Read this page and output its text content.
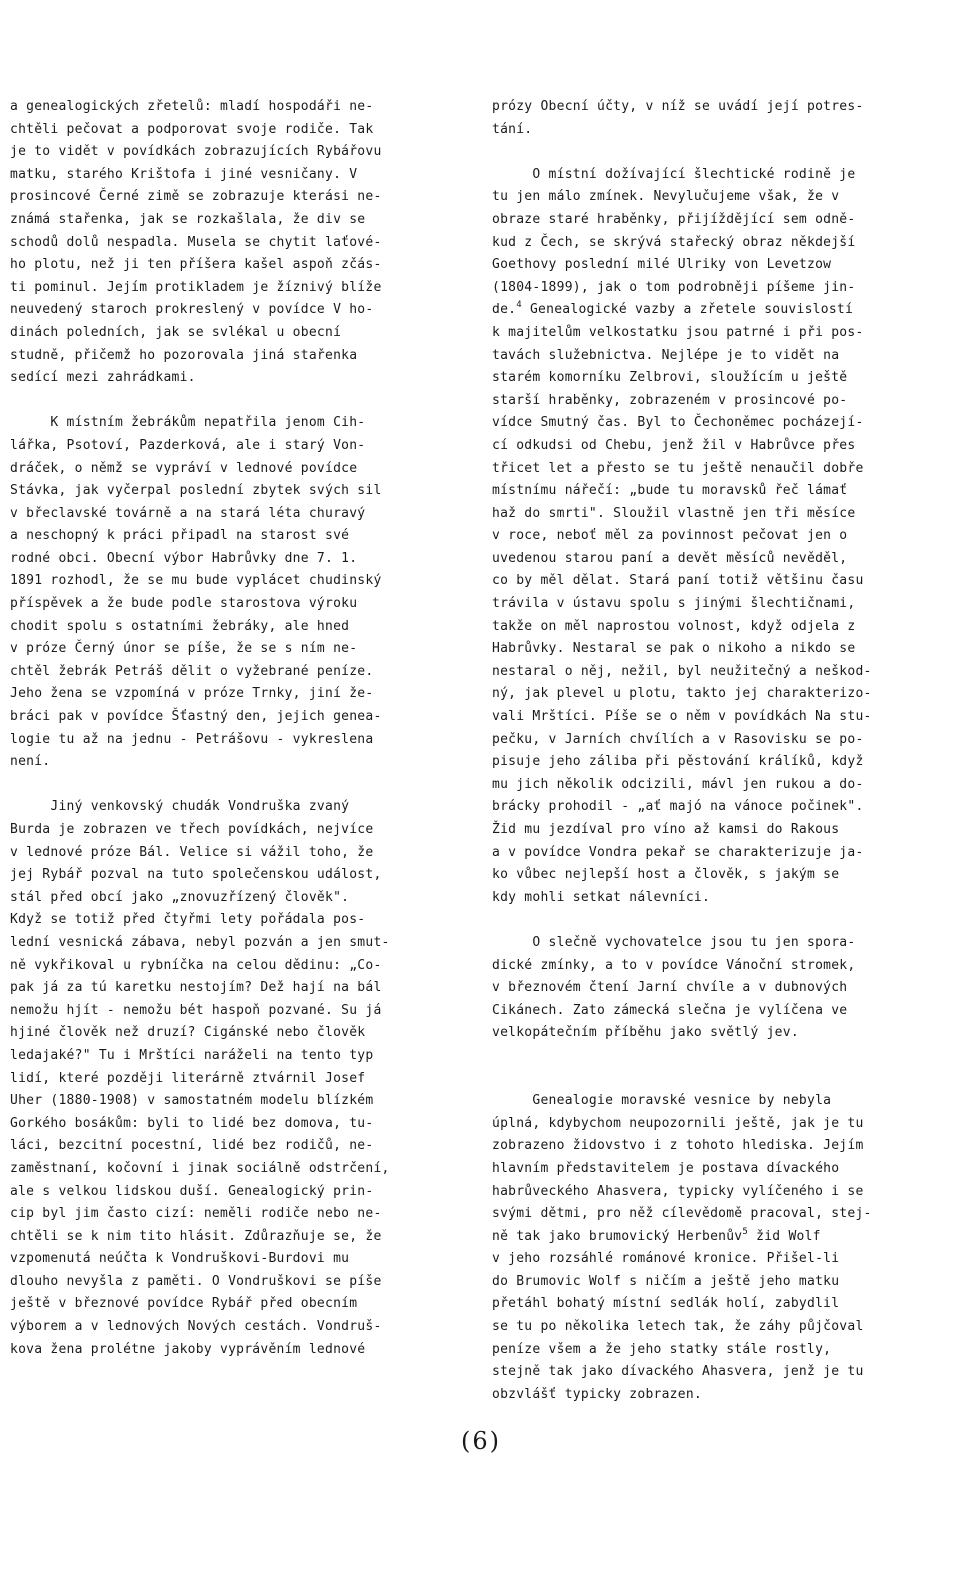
a genealogických zřetelů: mladí hospodáři ne-
chtěli pečovat a podporovat svoje rodiče. Tak
je to vidět v povídkách zobrazujících Rybářovu
matku, starého Krištofa i jiné vesničany. V
prosincové Černé zimě se zobrazuje kterási ne-
známá stařenka, jak se rozkašlala, že div se
schodů dolů nespadla. Musela se chytit laťové-
ho plotu, než ji ten příšera kašel aspoň zčás-
ti pominul. Jejím protikladem je žíznivý blíže
neuvedený staroch prokreslený v povídce V ho-
dinách poledních, jak se svlékal u obecní
studně, přičemž ho pozorovala jiná stařenka
sedící mezi zahrádkami.
K místním žebrákům nepatřila jenom Cih-
lářka, Psotoví, Pazderková, ale i starý Von-
dráček, o němž se vypráví v lednové povídce
Stávka, jak vyčerpal poslední zbytek svých sil
v břeclavské továrně a na stará léta churavý
a neschopný k práci připadl na starost své
rodné obci. Obecní výbor Habrůvky dne 7. 1.
1891 rozhodl, že se mu bude vyplácet chudinský
příspěvek a že bude podle starostova výroku
chodit spolu s ostatními žebráky, ale hned
v próze Černý únor se píše, že se s ním ne-
chtěl žebrák Petráš dělit o vyžebrané peníze.
Jeho žena se vzpomíná v próze Trnky, jiní že-
bráci pak v povídce Šťastný den, jejich genea-
logie tu až na jednu - Petrášovu - vykreslena
není.
Jiný venkovský chudák Vondruška zvaný
Burda je zobrazen ve třech povídkách, nejvíce
v lednové próze Bál. Velice si vážil toho, že
jej Rybář pozval na tuto společenskou událost,
stál před obcí jako „znovuzřízený člověk".
Když se totiž před čtyřmi lety pořádala pos-
lední vesnická zábava, nebyl pozván a jen smut-
ně vykřikoval u rybníčka na celou dědinu: „Co-
pak já za tú karetku nestojím? Dež hají na bál
nemožu hjít - nemožu bét haspoň pozvané. Su já
hjiné člověk než druzí? Cigánské nebo člověk
ledajaké?" Tu i Mrštíci naráželi na tento typ
lidí, které později literárně ztvárnil Josef
Uher (1880-1908) v samostatném modelu blízkém
Gorkého bosákům: byli to lidé bez domova, tu-
láci, bezcitní pocestní, lidé bez rodičů, ne-
zaměstnaní, kočovní i jinak sociálně odstrčení,
ale s velkou lidskou duší. Genealogický prin-
cip byl jim často cizí: neměli rodiče nebo ne-
chtěli se k nim tito hlásit. Zdůrazňuje se, že
vzpomenutá neúčta k Vondruškovi-Burdovi mu
dlouho nevyšla z paměti. O Vondruškovi se píše
ještě v březnové povídce Rybář před obecním
výborem a v lednových Nových cestách. Vondruš-
kova žena prolétne jakoby vyprávěním lednové
prózy Obecní účty, v níž se uvádí její potres-
tání.
O místní dožívající šlechtické rodině je
tu jen málo zmínek. Nevylučujeme však, že v
obraze staré hraběnky, přijíždějící sem odně-
kud z Čech, se skrývá stařecký obraz někdejší
Goethovy poslední milé Ulriky von Levetzow
(1804-1899), jak o tom podrobněji píšeme jin-
de.$^4$ Genealogické vazby a zřetele souvislostí
k majitelům velkostatku jsou patrné i při pos-
tavách služebnictva. Nejlépe je to vidět na
starém komorníku Zelbrovi, sloužícím u ještě
starší hraběnky, zobrazeném v prosincové po-
vídce Smutný čas. Byl to Čechoněmec pocházejí-
cí odkudsi od Chebu, jenž žil v Habrůvce přes
třicet let a přesto se tu ještě nenaučil dobře
místnímu nářečí: „bude tu moravsků řeč lámať
haž do smrti". Sloužil vlastně jen tři měsíce
v roce, neboť měl za povinnost pečovat jen o
uvedenou starou paní a devět měsíců nevěděl,
co by měl dělat. Stará paní totiž většinu času
trávila v ústavu spolu s jinými šlechtičnami,
takže on měl naprostou volnost, když odjela z
Habrůvky. Nestaral se pak o nikoho a nikdo se
nestaral o něj, nežil, byl neužitečný a neškod-
ný, jak plevel u plotu, takto jej charakterizo-
vali Mrštíci. Píše se o něm v povídkách Na stu-
pečku, v Jarních chvílích a v Rasovisku se po-
pisuje jeho záliba při pěstování králíků, když
mu jich několik odcizili, mávl jen rukou a do-
brácky prohodil - „ať majó na vánoce počinek".
Žid mu jezdíval pro víno až kamsi do Rakous
a v povídce Vondra pekař se charakterizuje ja-
ko vůbec nejlepší host a člověk, s jakým se
kdy mohli setkat nálevníci.
O slečně vychovatelce jsou tu jen spora-
dické zmínky, a to v povídce Vánoční stromek,
v březnovém čtení Jarní chvíle a v dubnových
Cikánech. Zato zámecká slečna je vylíčena ve
velkopátečním příběhu jako světlý jev.
Genealogie moravské vesnice by nebyla
úplná, kdybychom neupozornili ještě, jak je tu
zobrazeno židovstvo i z tohoto hlediska. Jejím
hlavním představitelem je postava dívackého
habrůveckého Ahasvera, typicky vylíčeného i se
svými dětmi, pro něž cílevědomě pracoval, stej-
ně tak jako brumovický Herbenův$^5$ žid Wolf
v jeho rozsáhlé románové kronice. Přišel-li
do Brumovic Wolf s ničím a ještě jeho matku
přetáhl bohatý místní sedlák holí, zabydlil
se tu po několika letech tak, že záhy půjčoval
peníze všem a že jeho statky stále rostly,
stejně tak jako dívackého Ahasvera, jenž je tu
obzvlášť typicky zobrazen.
(6)
